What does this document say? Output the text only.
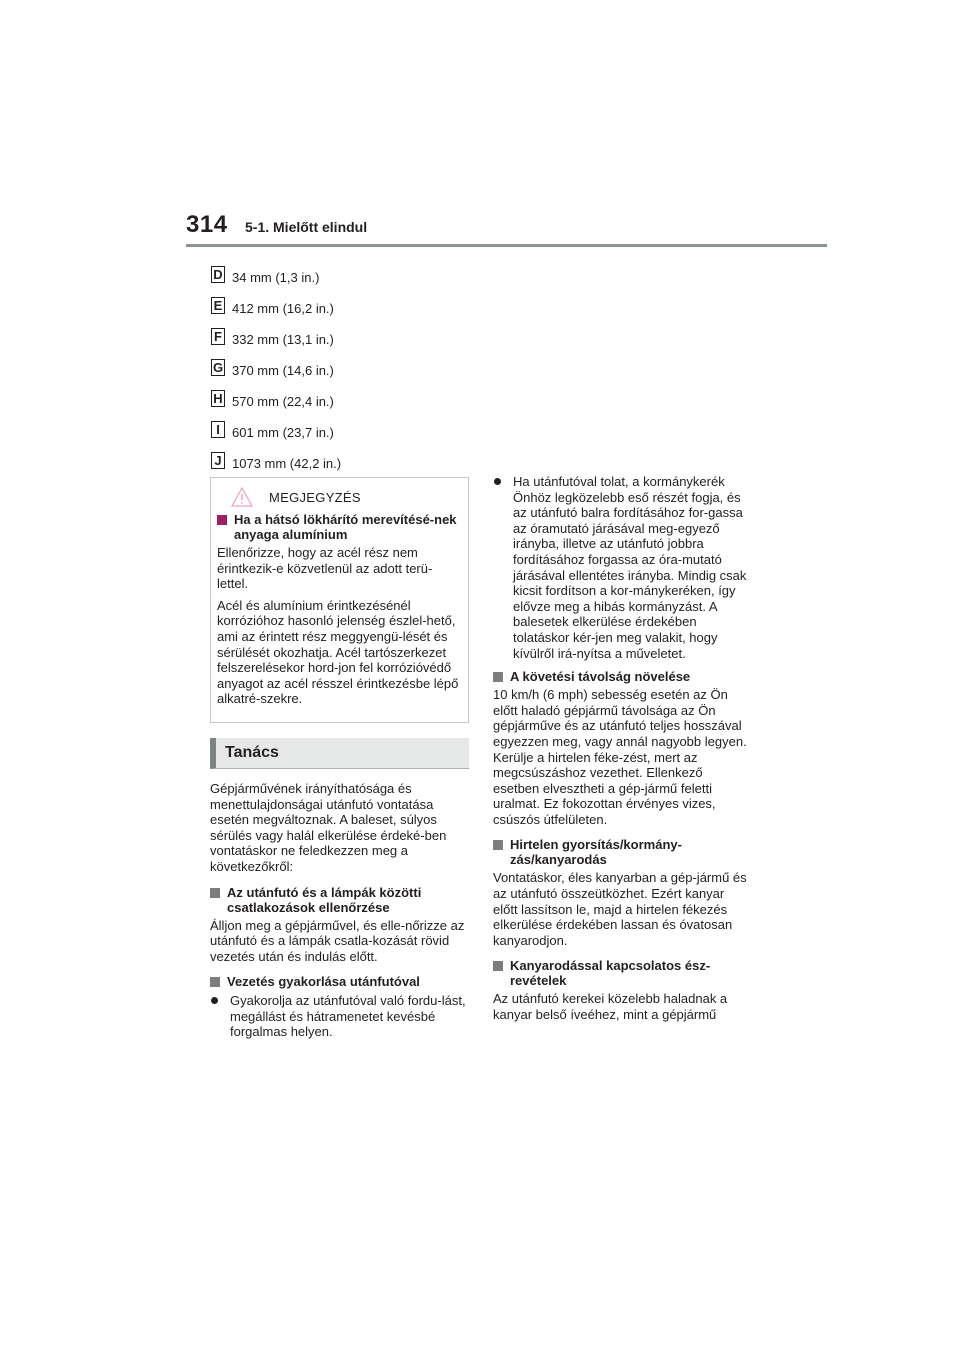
314 5-1. Mielőtt elindul
D 34 mm (1,3 in.)
E 412 mm (16,2 in.)
F 332 mm (13,1 in.)
G 370 mm (14,6 in.)
H 570 mm (22,4 in.)
I 601 mm (23,7 in.)
J 1073 mm (42,2 in.)
MEGJEGYZÉS
Ha a hátsó lökhárító merevítésé-nek anyaga alumínium

Ellenőrizze, hogy az acél rész nem érintkezik-e közvetlenül az adott terü-lettel.

Acél és alumínium érintkezésénél korrózióhoz hasonló jelenség észlel-hető, ami az érintett rész meggyengü-lését és sérülését okozhatja. Acél tartószerkezet felszerelésekor hord-jon fel korrózióvédő anyagot az acél résszel érintkezésbe lépő alkatré-szekre.

Tanács

Gépjárművének irányíthatósága és menettulajdonságai utánfutó vontatása esetén megváltoznak. A baleset, súlyos sérülés vagy halál elkerülése érdeké-ben vontatáskor ne feledkezzen meg a következőkről:

Az utánfutó és a lámpák közötti csatlakozások ellenőrzése

Álljon meg a gépjárművel, és elle-nőrizze az utánfutó és a lámpák csatla-kozását rövid vezetés után és indulás előtt.

Vezetés gyakorlása utánfutóval
Gyakorolja az utánfutóval való fordu-lást, megállást és hátramenetet kevésbé forgalmas helyen.
Ha utánfutóval tolat, a kormánykerék Önhöz legközelebb eső részét fogja, és az utánfutó balra fordításához for-gassa az óramutató járásával meg-egyező irányba, illetve az utánfutó jobbra fordításához forgassa az óra-mutató járásával ellentétes irányba. Mindig csak kicsit fordítson a kor-mánykeréken, így elővze meg a hibás kormányzást. A balesetek elkerülése érdekében tolatáskor kér-jen meg valakit, hogy kívülről irá-nyítsa a műveletet.
A követési távolság növelése

10 km/h (6 mph) sebesség esetén az Ön előtt haladó gépjármű távolsága az Ön gépjárműve és az utánfutó teljes hosszával egyezzen meg, vagy annál nagyobb legyen. Kerülje a hirtelen féke-zést, mert az megcsúszáshoz vezethet. Ellenkező esetben elvesztheti a gép-jármű feletti uralmat. Ez fokozottan érvényes vizes, csúszós útfelületen.

Hirtelen gyorsítás/kormány-zás/kanyarodás

Vontatáskor, éles kanyarban a gép-jármű és az utánfutó összeütközhet. Ezért kanyar előtt lassítson le, majd a hirtelen fékezés elkerülése érdekében lassan és óvatosan kanyarodjon.

Kanyarodással kapcsolatos ész-revételek

Az utánfutó kerekei közelebb haladnak a kanyar belső íveéhez, mint a gépjármű
